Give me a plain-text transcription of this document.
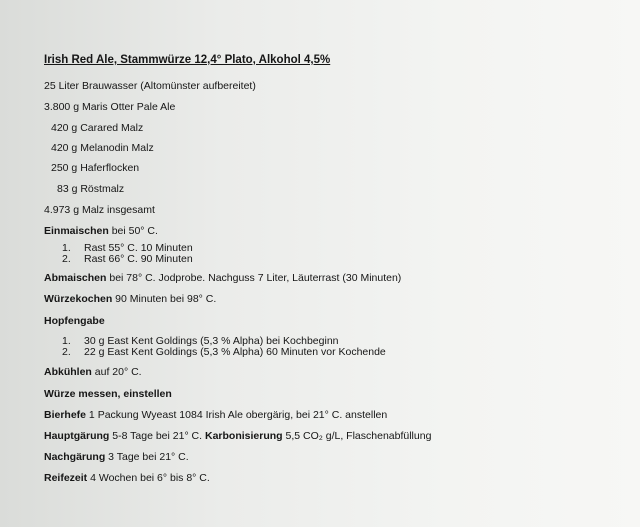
Irish Red Ale, Stammwürze 12,4° Plato, Alkohol 4,5%
25 Liter Brauwasser (Altomünster aufbereitet)
3.800 g Maris Otter Pale Ale
420 g Carared Malz
420 g Melanodin Malz
250 g Haferflocken
83 g Röstmalz
4.973 g Malz insgesamt
Einmaischen bei 50° C.
1. Rast 55° C. 10 Minuten
2. Rast 66° C. 90 Minuten
Abmaischen bei 78° C. Jodprobe. Nachguss 7 Liter, Läuterrast (30 Minuten)
Würzekochen 90 Minuten bei 98° C.
Hopfengabe
1. 30 g East Kent Goldings (5,3 % Alpha) bei Kochbeginn
2. 22 g East Kent Goldings (5,3 % Alpha) 60 Minuten vor Kochende
Abkühlen auf 20° C.
Würze messen, einstellen
Bierhefe 1 Packung Wyeast 1084 Irish Ale obergärig, bei 21° C. anstellen
Hauptgärung 5-8 Tage bei 21° C. Karbonisierung 5,5 CO₂ g/L, Flaschenabfüllung
Nachgärung 3 Tage bei 21° C.
Reifezeit 4 Wochen bei 6° bis 8° C.
